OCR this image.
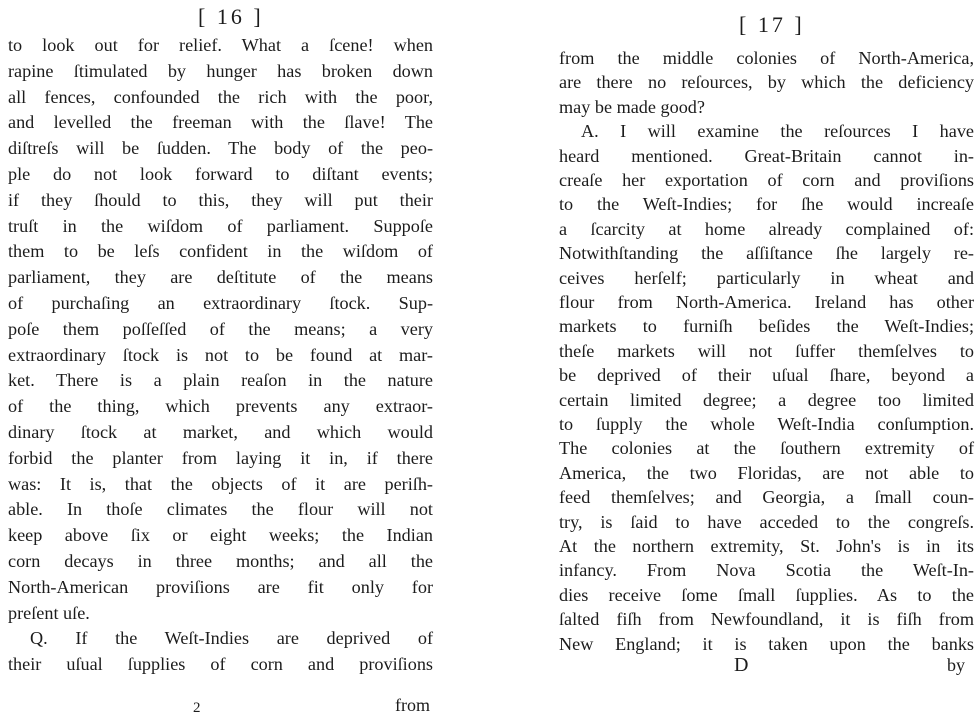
[ 16 ]
to look out for relief. What a ſcene! when
rapine ſtimulated by hunger has broken down
all fences, confounded the rich with the poor,
and levelled the freeman with the ſlave! The
diſtreſs will be ſudden. The body of the peo-
ple do not look forward to diſtant events;
if they ſhould to this, they will put their
truſt in the wiſdom of parliament. Suppoſe
them to be leſs confident in the wiſdom of
parliament, they are deſtitute of the means
of purchaſing an extraordinary ſtock. Sup-
poſe them poſſeſſed of the means; a very
extraordinary ſtock is not to be found at mar-
ket. There is a plain reaſon in the nature
of the thing, which prevents any extraor-
dinary ſtock at market, and which would
forbid the planter from laying it in, if there
was: It is, that the objects of it are periſh-
able. In thoſe climates the flour will not
keep above ſix or eight weeks; the Indian
corn decays in three months; and all the
North-American proviſions are fit only for
preſent uſe.
Q. If the Weſt-Indies are deprived of
their uſual ſupplies of corn and proviſions
2	from
[ 17 ]
from the middle colonies of North-America,
are there no reſources, by which the deficiency
may be made good?
A. I will examine the reſources I have
heard mentioned. Great-Britain cannot in-
creaſe her exportation of corn and proviſions
to the Weſt-Indies; for ſhe would increaſe
a ſcarcity at home already complained of:
Notwithſtanding the aſſiſtance ſhe largely re-
ceives herſelf; particularly in wheat and
flour from North-America. Ireland has other
markets to furniſh beſides the Weſt-Indies;
theſe markets will not ſuffer themſelves to
be deprived of their uſual ſhare, beyond a
certain limited degree; a degree too limited
to ſupply the whole Weſt-India conſumption.
The colonies at the ſouthern extremity of
America, the two Floridas, are not able to
feed themſelves; and Georgia, a ſmall coun-
try, is ſaid to have acceded to the congreſs.
At the northern extremity, St. John's is in its
infancy. From Nova Scotia the Weſt-In-
dies receive ſome ſmall ſupplies. As to the
ſalted fiſh from Newfoundland, it is fiſh from
New England; it is taken upon the banks
D	by
